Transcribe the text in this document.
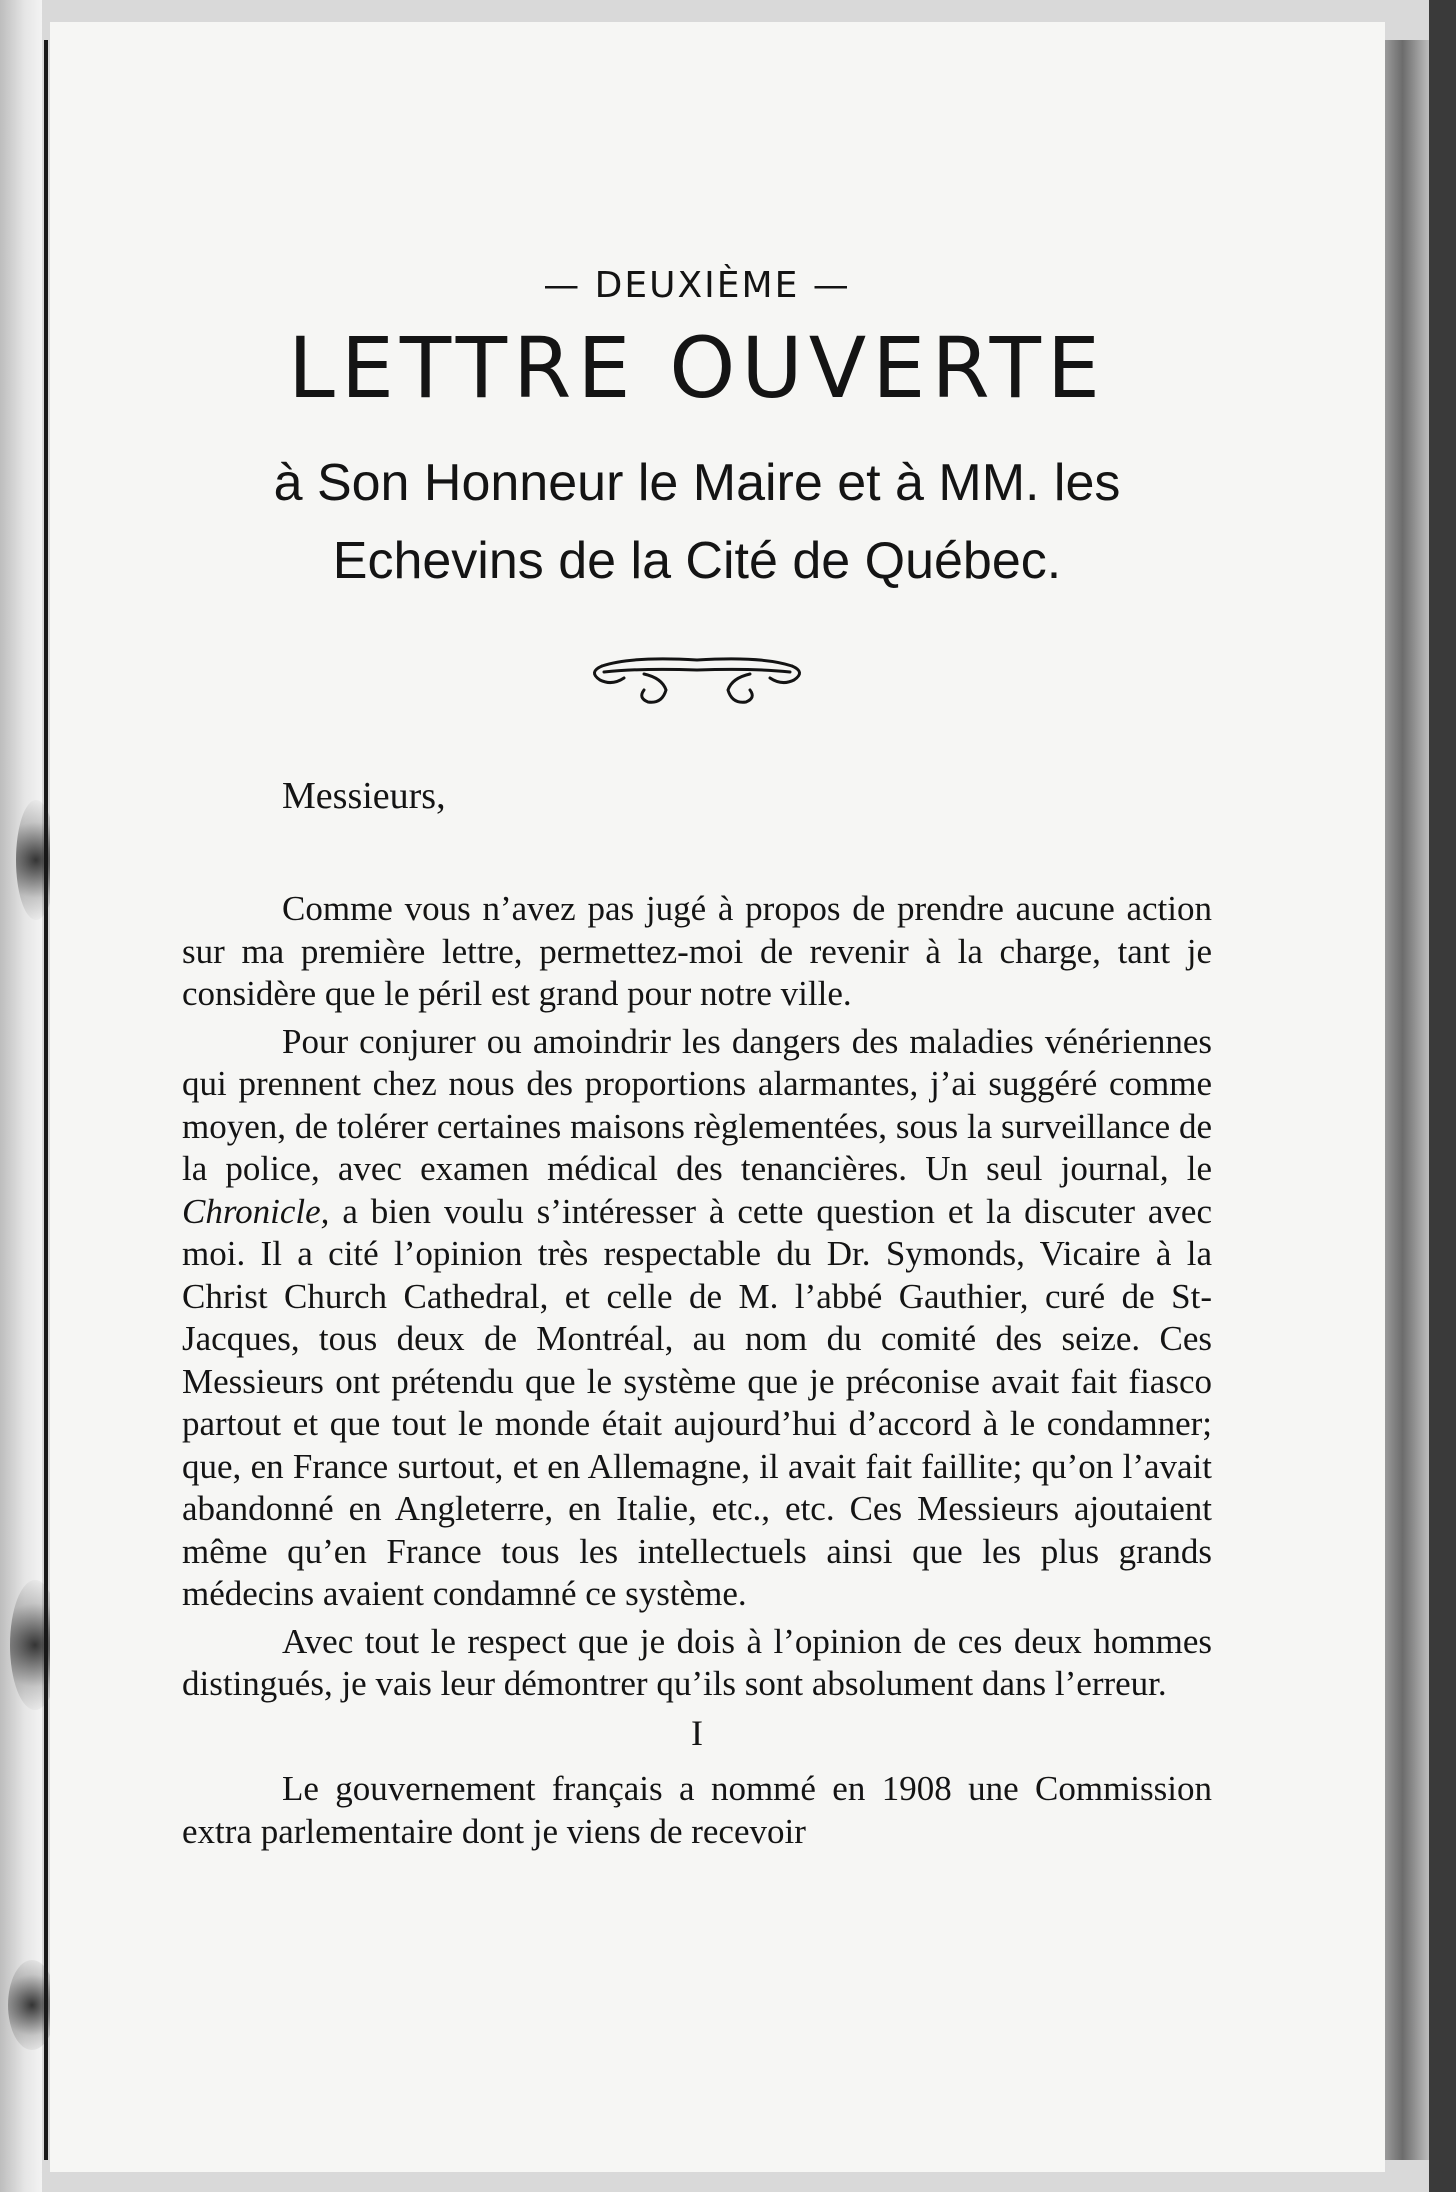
— DEUXIÈME —
LETTRE OUVERTE
à Son Honneur le Maire et à MM. les
Echevins de la Cité de Québec.
Messieurs,

Comme vous n’avez pas jugé à propos de prendre aucune action sur ma première lettre, permettez-moi de revenir à la charge, tant je considère que le péril est grand pour notre ville.

Pour conjurer ou amoindrir les dangers des maladies vénériennes qui prennent chez nous des proportions alarmantes, j’ai suggéré comme moyen, de tolérer certaines maisons règlementées, sous la surveillance de la police, avec examen médical des tenancières. Un seul journal, le Chronicle, a bien voulu s’intéresser à cette question et la discuter avec moi. Il a cité l’opinion très respectable du Dr. Symonds, Vicaire à la Christ Church Cathedral, et celle de M. l’abbé Gauthier, curé de St-Jacques, tous deux de Montréal, au nom du comité des seize. Ces Messieurs ont prétendu que le système que je préconise avait fait fiasco partout et que tout le monde était aujourd’hui d’accord à le condamner; que, en France surtout, et en Allemagne, il avait fait faillite; qu’on l’avait abandonné en Angleterre, en Italie, etc., etc. Ces Messieurs ajoutaient même qu’en France tous les intellectuels ainsi que les plus grands médecins avaient condamné ce système.

Avec tout le respect que je dois à l’opinion de ces deux hommes distingués, je vais leur démontrer qu’ils sont absolument dans l’erreur.

I

Le gouvernement français a nommé en 1908 une Commission extra parlementaire dont je viens de recevoir
